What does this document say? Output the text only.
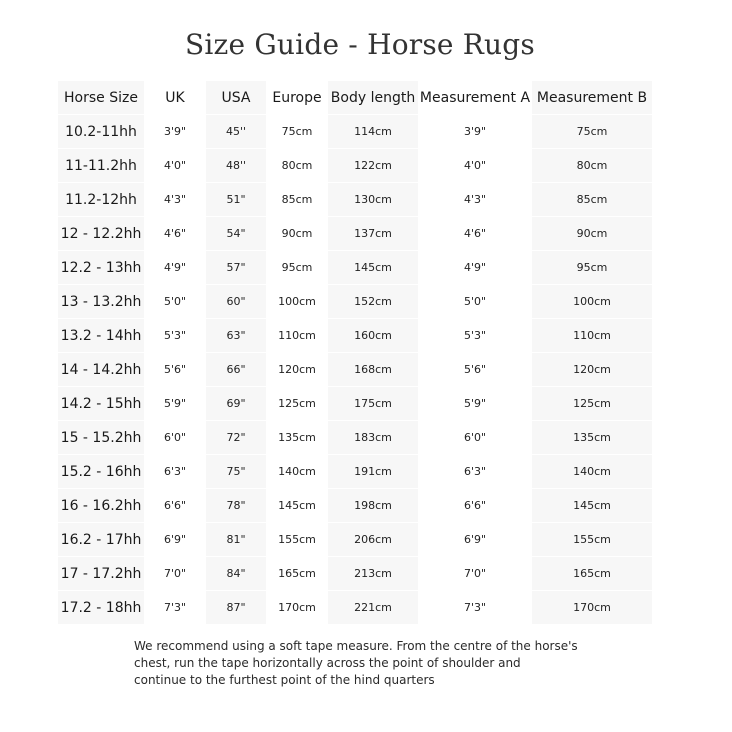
Size Guide - Horse Rugs
Horse Size	UK	USA	Europe	Body length	Measurement A	Measurement B
10.2-11hh	3'9"	45''	75cm	114cm	3'9"	75cm
11-11.2hh	4'0"	48''	80cm	122cm	4'0"	80cm
11.2-12hh	4'3"	51"	85cm	130cm	4'3"	85cm
12 - 12.2hh	4'6"	54"	90cm	137cm	4'6"	90cm
12.2 - 13hh	4'9"	57"	95cm	145cm	4'9"	95cm
13 - 13.2hh	5'0"	60"	100cm	152cm	5'0"	100cm
13.2 - 14hh	5'3"	63"	110cm	160cm	5'3"	110cm
14 - 14.2hh	5'6"	66"	120cm	168cm	5'6"	120cm
14.2 - 15hh	5'9"	69"	125cm	175cm	5'9"	125cm
15 - 15.2hh	6'0"	72"	135cm	183cm	6'0"	135cm
15.2 - 16hh	6'3"	75"	140cm	191cm	6'3"	140cm
16 - 16.2hh	6'6"	78"	145cm	198cm	6'6"	145cm
16.2 - 17hh	6'9"	81"	155cm	206cm	6'9"	155cm
17 - 17.2hh	7'0"	84"	165cm	213cm	7'0"	165cm
17.2 - 18hh	7'3"	87"	170cm	221cm	7'3"	170cm
We recommend using a soft tape measure. From the centre of the horse's
chest, run the tape horizontally across the point of shoulder and
continue to the furthest point of the hind quarters
